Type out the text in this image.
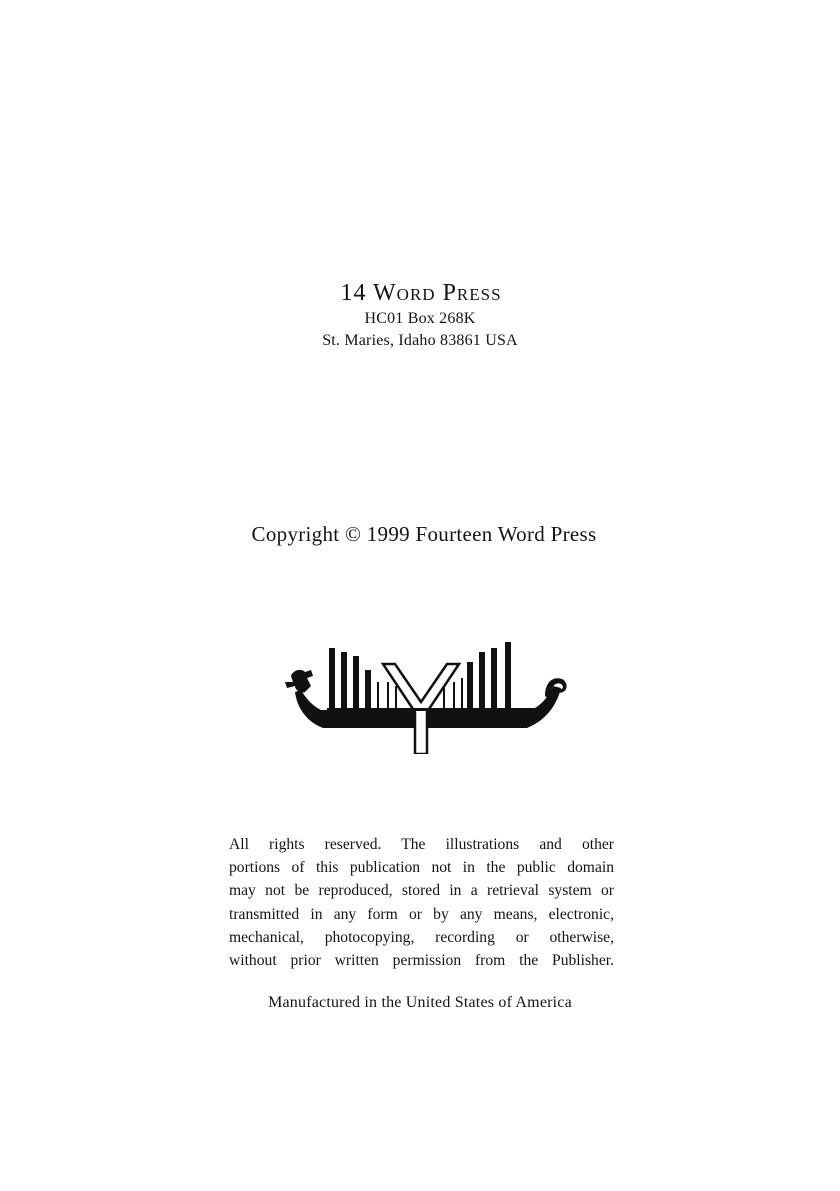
14 Word Press
HC01 Box 268K
St. Maries, Idaho 83861 USA
Copyright © 1999 Fourteen Word Press
All rights reserved. The illustrations and other
portions of this publication not in the public domain
may not be reproduced, stored in a retrieval system or
transmitted in any form or by any means, electronic,
mechanical, photocopying, recording or otherwise,
without prior written permission from the Publisher.
Manufactured in the United States of America
